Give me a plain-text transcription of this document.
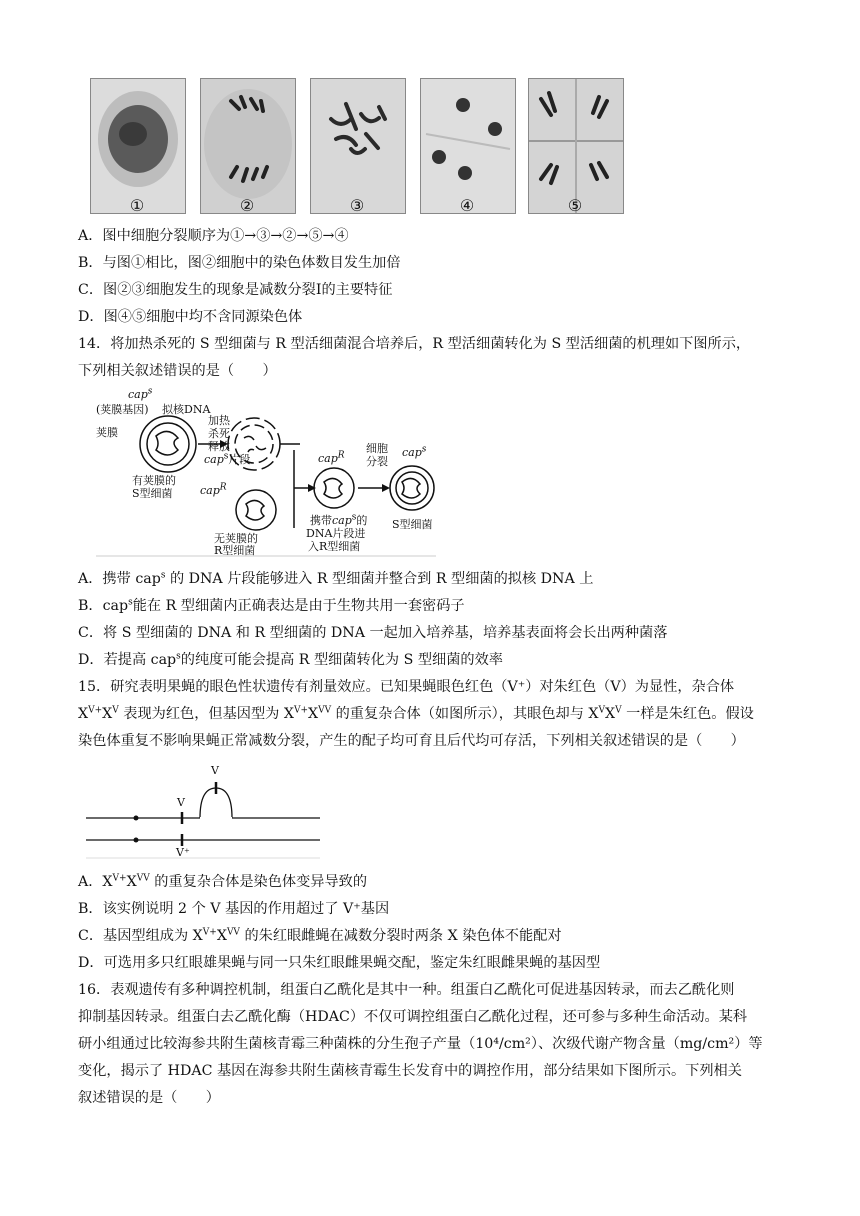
①	②	③	④	⑤
A．图中细胞分裂顺序为①→③→②→⑤→④
B．与图①相比，图②细胞中的染色体数目发生加倍
C．图②③细胞发生的现象是减数分裂Ⅰ的主要特征
D．图④⑤细胞中均不含同源染色体
14．将加热杀死的 S 型细菌与 R 型活细菌混合培养后，R 型活细菌转化为 S 型活细菌的机理如下图所示，
下列相关叙述错误的是（　　）
cap$^s$
(荚膜基因) 拟核DNA
荚膜
加热
杀死
释放
cap$^s$片段
有荚膜的
S型细菌 cap$^R$
cap$^R$
无荚膜的
R型细菌
细胞
分裂
cap$^s$
携带cap$^s$的
DNA片段进
入R型细菌
S型细菌
A．携带 cap$^s$ 的 DNA 片段能够进入 R 型细菌并整合到 R 型细菌的拟核 DNA 上
B．cap$^s$能在 R 型细菌内正确表达是由于生物共用一套密码子
C．将 S 型细菌的 DNA 和 R 型细菌的 DNA 一起加入培养基，培养基表面将会长出两种菌落
D．若提高 cap$^s$的纯度可能会提高 R 型细菌转化为 S 型细菌的效率
15．研究表明果蝇的眼色性状遗传有剂量效应。已知果蝇眼色红色（V⁺）对朱红色（V）为显性，杂合体
$X^{V+}X^V$ 表现为红色，但基因型为 $X^{V+}X^{VV}$ 的重复杂合体（如图所示），其眼色却与 $X^VX^V$ 一样是朱红色。假设
染色体重复不影响果蝇正常减数分裂，产生的配子均可育且后代均可存活，下列相关叙述错误的是（　　）
V
V
V⁺
A．$X^{V+}X^{VV}$ 的重复杂合体是染色体变异导致的
B．该实例说明 2 个 V 基因的作用超过了 V⁺基因
C．基因型组成为 $X^{V+}X^{VV}$ 的朱红眼雌蝇在减数分裂时两条 X 染色体不能配对
D．可选用多只红眼雄果蝇与同一只朱红眼雌果蝇交配，鉴定朱红眼雌果蝇的基因型
16．表观遗传有多种调控机制，组蛋白乙酰化是其中一种。组蛋白乙酰化可促进基因转录，而去乙酰化则
抑制基因转录。组蛋白去乙酰化酶（HDAC）不仅可调控组蛋白乙酰化过程，还可参与多种生命活动。某科
研小组通过比较海参共附生菌核青霉三种菌株的分生孢子产量（10⁴/cm²）、次级代谢产物含量（mg/cm²）等
变化，揭示了 HDAC 基因在海参共附生菌核青霉生长发育中的调控作用，部分结果如下图所示。下列相关
叙述错误的是（　　）
